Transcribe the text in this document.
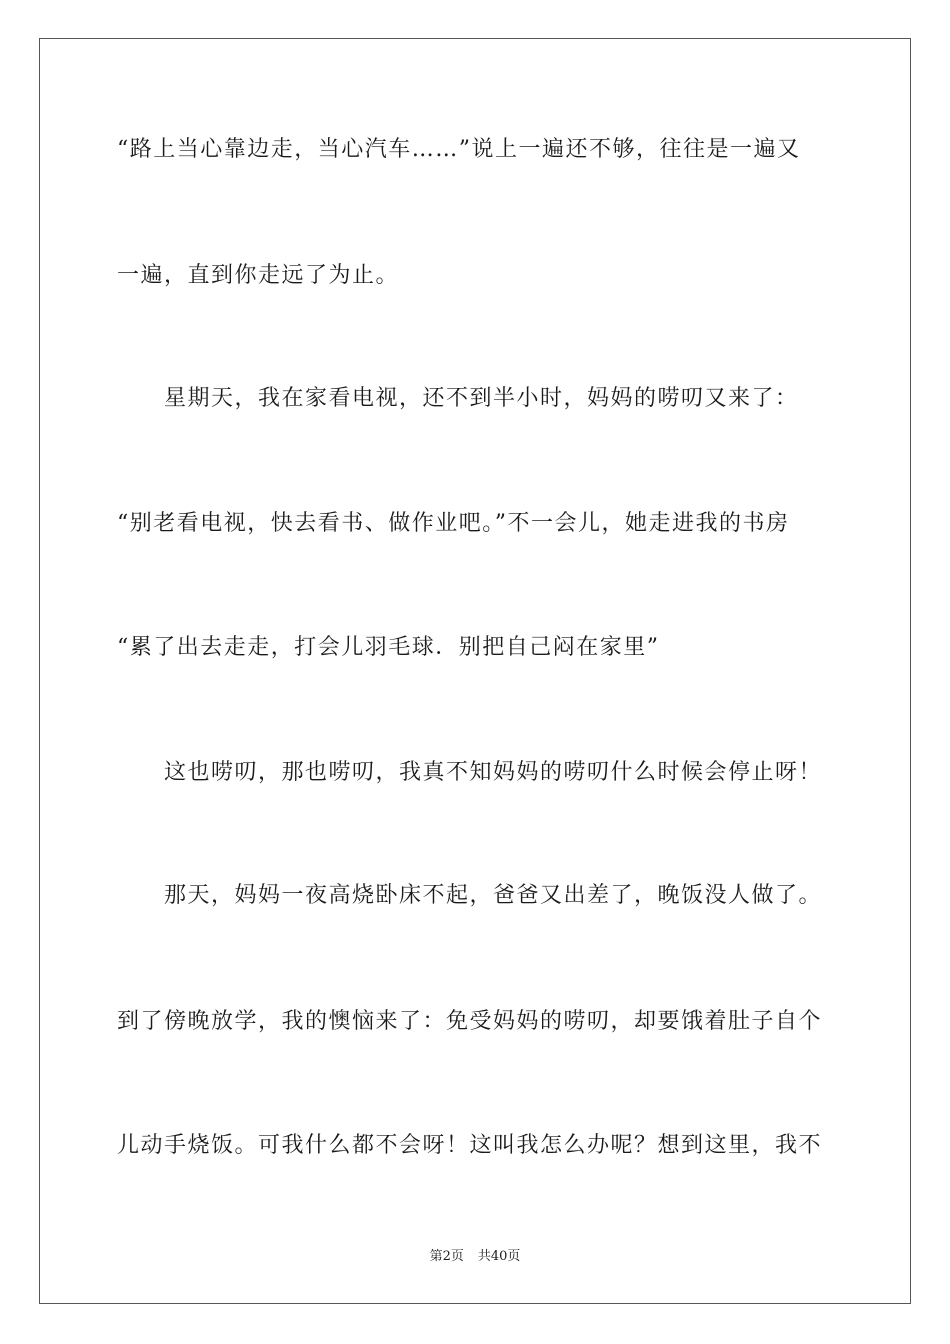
“路上当心靠边走，当心汽车……”说上一遍还不够，往往是一遍又
一遍，直到你走远了为止。
　　星期天，我在家看电视，还不到半小时，妈妈的唠叨又来了：
“别老看电视，快去看书、做作业吧。”不一会儿，她走进我的书房
“累了出去走走，打会儿羽毛球．别把自己闷在家里”
　　这也唠叨，那也唠叨，我真不知妈妈的唠叨什么时候会停止呀！
　　那天，妈妈一夜高烧卧床不起，爸爸又出差了，晚饭没人做了。
到了傍晚放学，我的懊恼来了：免受妈妈的唠叨，却要饿着肚子自个
儿动手烧饭。可我什么都不会呀！这叫我怎么办呢？想到这里，我不
第2页 共40页
